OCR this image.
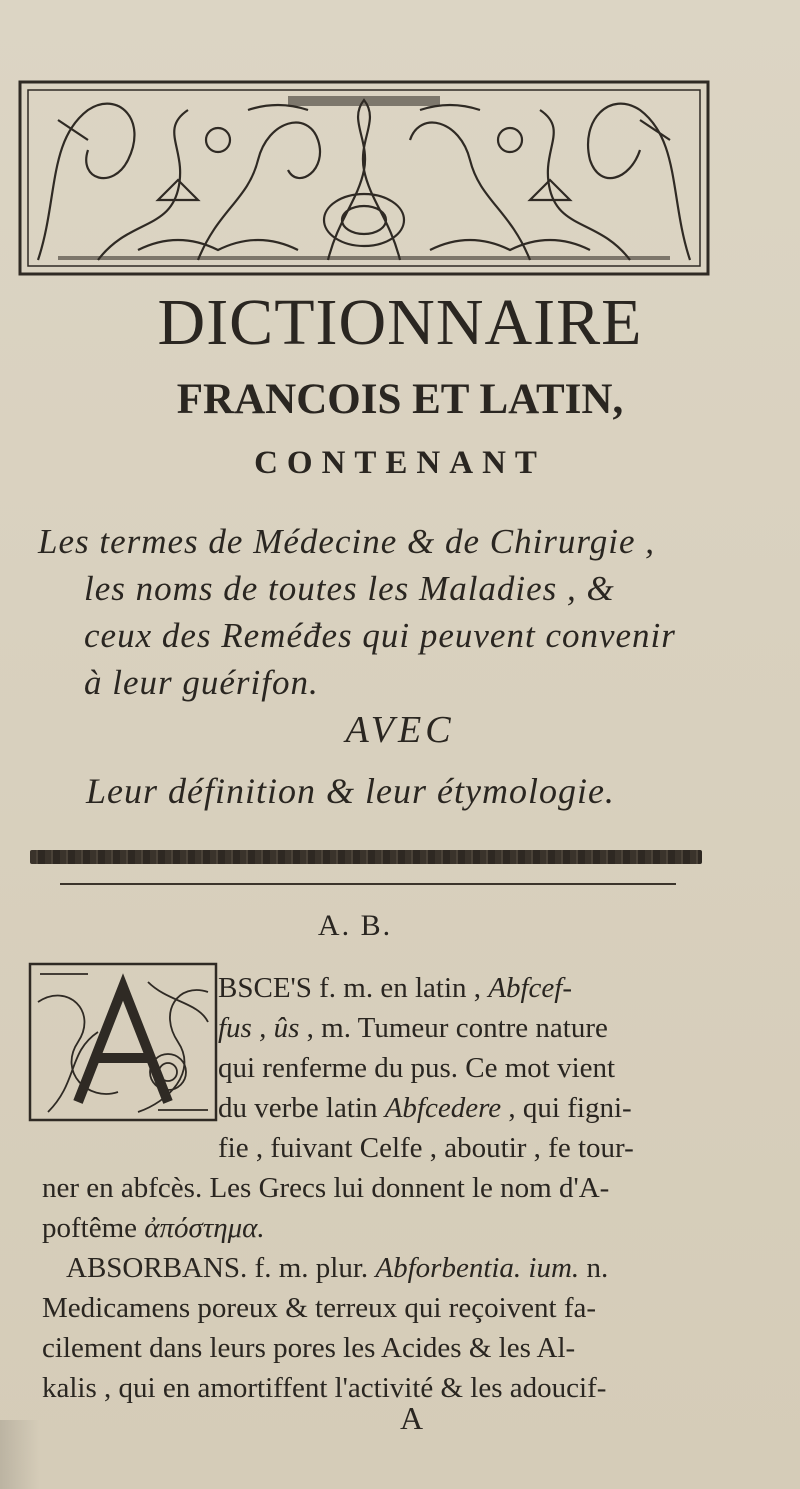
DICTIONNAIRE
FRANCOIS ET LATIN,
CONTENANT

Les termes de Médecine & de Chirurgie ,
les noms de toutes les Maladies , &
ceux des Reméđes qui peuvent convenir
à leur guérifon.

AVEC

Leur définition & leur étymologie.

A. B.

BSCE'S f. m. en latin , Abfcef-

fus , ûs , m. Tumeur contre nature

qui renferme du pus. Ce mot vient

du verbe latin Abfcedere , qui figni-

fie , fuivant Celfe , aboutir , fe tour-

ner en abfcès. Les Grecs lui donnent le nom d'A-

poftême ἀπόστημα.

ABSORBANS. f. m. plur. Abforbentia. ium. n.

Medicamens poreux & terreux qui reçoivent fa-

cilement dans leurs pores les Acides & les Al-

kalis , qui en amortiffent l'activité & les adoucif-

A
